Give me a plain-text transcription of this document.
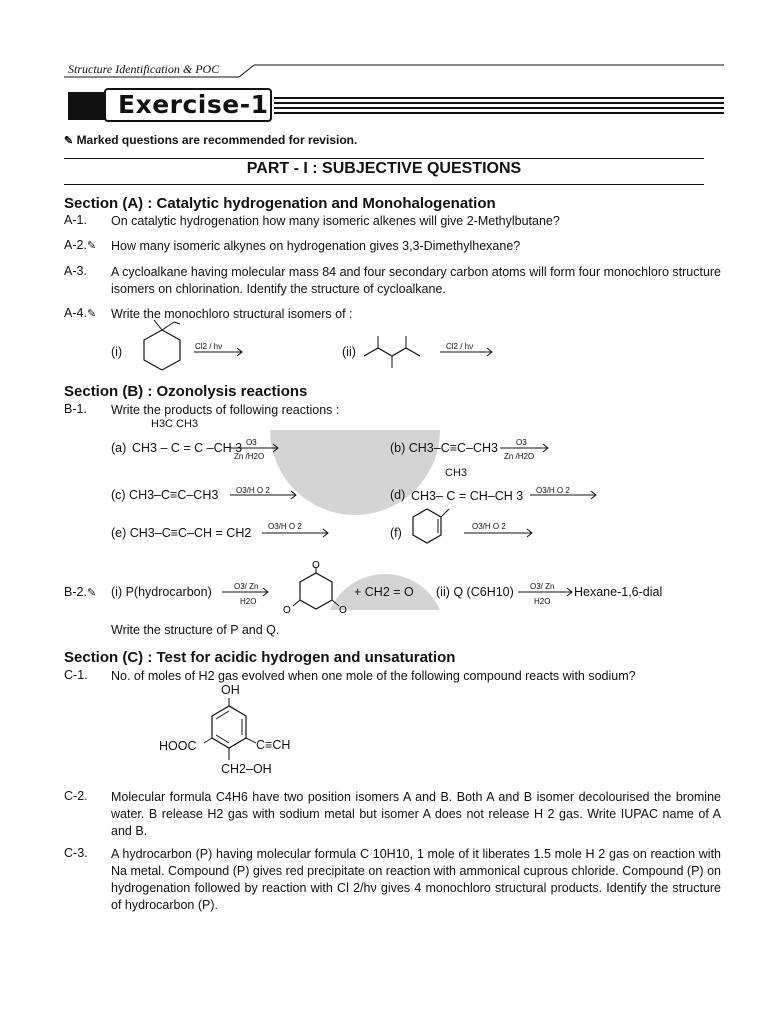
Structure Identification & POC
Exercise-1
✎ Marked questions are recommended for revision.
PART - I : SUBJECTIVE QUESTIONS
Section (A) : Catalytic hydrogenation and Monohalogenation
A-1. On catalytic hydrogenation how many isomeric alkenes will give 2-Methylbutane?
A-2.✎ How many isomeric alkynes on hydrogenation gives 3,3-Dimethylhexane?
A-3. A cycloalkane having molecular mass 84 and four secondary carbon atoms will form four monochloro structure isomers on chlorination. Identify the structure of cycloalkane.
A-4.✎ Write the monochloro structural isomers of :
(i)	Cl2 / hν	(ii)	Cl2 / hν
Section (B) : Ozonolysis reactions
B-1. Write the products of following reactions :
H3C CH3
(a) CH3 – C = C –CH 3 O3
Zn /H2O
(b) CH3–C≡C–CH3 O3
Zn /H2O
(c) CH3–C≡C–CH3 O3/H O 2
CH3
(d) CH3– C = CH–CH 3 O3/H O 2
(e) CH3–C≡C–CH = CH2 O3/H O 2	(f)	O3/H O 2
B-2.✎ (i) P(hydrocarbon)	O3/ Zn
H2O
O
O	O
+ CH2 = O (ii) Q (C6H10) O3/ Zn
H2O
Hexane-1,6-dial
Write the structure of P and Q.
Section (C) : Test for acidic hydrogen and unsaturation
C-1. No. of moles of H2 gas evolved when one mole of the following compound reacts with sodium?
OH
HOOC	C≡CH
CH2–OH
C-2. Molecular formula C4H6 have two position isomers A and B. Both A and B isomer decolourised the bromine water. B release H2 gas with sodium metal but isomer A does not release H 2 gas. Write IUPAC name of A and B.
C-3. A hydrocarbon (P) having molecular formula C 10H10, 1 mole of it liberates 1.5 mole H 2 gas on reaction with Na metal. Compound (P) gives red precipitate on reaction with ammonical cuprous chloride. Compound (P) on hydrogenation followed by reaction with Cl 2/hν gives 4 monochloro structural products. Identify the structure of hydrocarbon (P).
